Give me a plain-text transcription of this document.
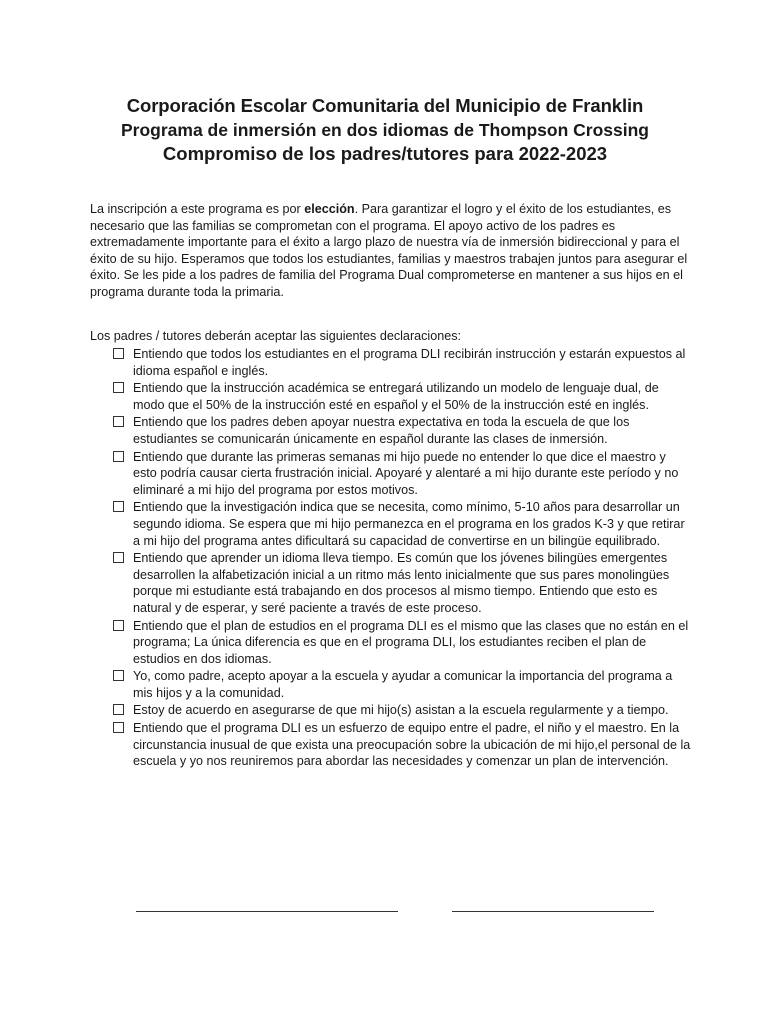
Corporación Escolar Comunitaria del Municipio de Franklin

Programa de inmersión en dos idiomas de Thompson Crossing

Compromiso de los padres/tutores para 2022-2023

La inscripción a este programa es por elección. Para garantizar el logro y el éxito de los estudiantes, es necesario que las familias se comprometan con el programa. El apoyo activo de los padres es extremadamente importante para el éxito a largo plazo de nuestra vía de inmersión bidireccional y para el éxito de su hijo. Esperamos que todos los estudiantes, familias y maestros trabajen juntos para asegurar el éxito. Se les pide a los padres de familia del Programa Dual comprometerse en mantener a sus hijos en el programa durante toda la primaria.

Los padres / tutores deberán aceptar las siguientes declaraciones:

Entiendo que todos los estudiantes en el programa DLI recibirán instrucción y estarán expuestos al idioma español e inglés.
Entiendo que la instrucción académica se entregará utilizando un modelo de lenguaje dual, de modo que el 50% de la instrucción esté en español y el 50% de la instrucción esté en inglés.
Entiendo que los padres deben apoyar nuestra expectativa en toda la escuela de que los estudiantes se comunicarán únicamente en español durante las clases de inmersión.
Entiendo que durante las primeras semanas mi hijo puede no entender lo que dice el maestro y esto podría causar cierta frustración inicial. Apoyaré y alentaré a mi hijo durante este período y no eliminaré a mi hijo del programa por estos motivos.
Entiendo que la investigación indica que se necesita, como mínimo, 5-10 años para desarrollar un segundo idioma. Se espera que mi hijo permanezca en el programa en los grados K-3 y que retirar a mi hijo del programa antes dificultará su capacidad de convertirse en un bilingüe equilibrado.
Entiendo que aprender un idioma lleva tiempo. Es común que los jóvenes bilingües emergentes desarrollen la alfabetización inicial a un ritmo más lento inicialmente que sus pares monolingües porque mi estudiante está trabajando en dos procesos al mismo tiempo. Entiendo que esto es natural y de esperar, y seré paciente a través de este proceso.
Entiendo que el plan de estudios en el programa DLI es el mismo que las clases que no están en el programa; La única diferencia es que en el programa DLI, los estudiantes reciben el plan de estudios en dos idiomas.
Yo, como padre, acepto apoyar a la escuela y ayudar a comunicar la importancia del programa a mis hijos y a la comunidad.
Estoy de acuerdo en asegurarse de que mi hijo(s) asistan a la escuela regularmente y a tiempo.
Entiendo que el programa DLI es un esfuerzo de equipo entre el padre, el niño y el maestro. En la circunstancia inusual de que exista una preocupación sobre la ubicación de mi hijo,el personal de la escuela y yo nos reuniremos para abordar las necesidades y comenzar un plan de intervención.
